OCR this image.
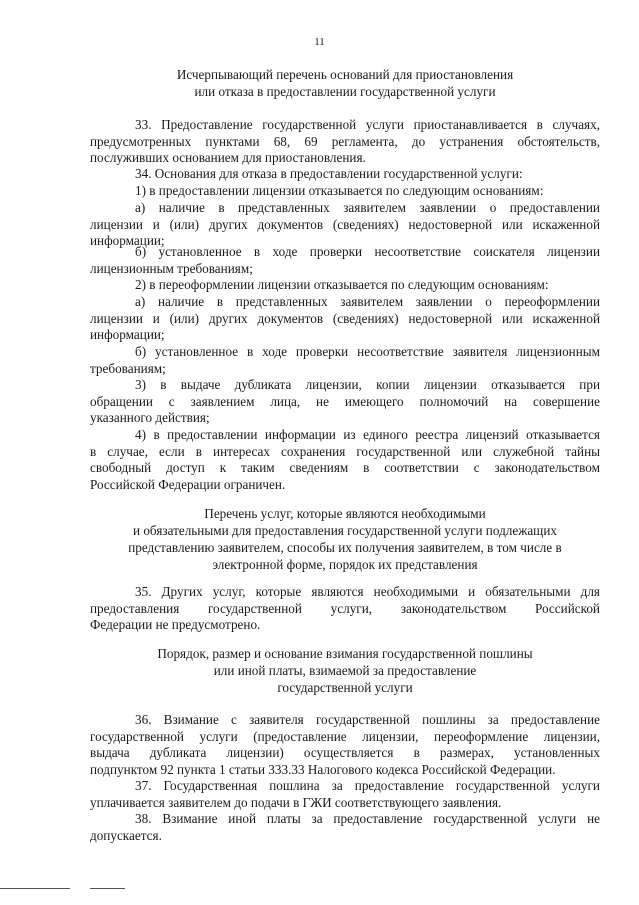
11
Исчерпывающий перечень оснований для приостановления
или отказа в предоставлении государственной услуги
33. Предоставление государственной услуги приостанавливается в случаях,
предусмотренных пунктами 68, 69 регламента, до устранения обстоятельств,
послуживших основанием для приостановления.
34. Основания для отказа в предоставлении государственной услуги:
1) в предоставлении лицензии отказывается по следующим основаниям:
а) наличие в представленных заявителем заявлении о предоставлении
лицензии и (или) других документов (сведениях) недостоверной или искаженной
информации;
б) установленное в ходе проверки несоответствие соискателя лицензии
лицензионным требованиям;
2) в переоформлении лицензии отказывается по следующим основаниям:
а) наличие в представленных заявителем заявлении о переоформлении
лицензии и (или) других документов (сведениях) недостоверной или искаженной
информации;
б) установленное в ходе проверки несоответствие заявителя лицензионным
требованиям;
3) в выдаче дубликата лицензии, копии лицензии отказывается при
обращении с заявлением лица, не имеющего полномочий на совершение
указанного действия;
4) в предоставлении информации из единого реестра лицензий отказывается
в случае, если в интересах сохранения государственной или служебной тайны
свободный доступ к таким сведениям в соответствии с законодательством
Российской Федерации ограничен.
Перечень услуг, которые являются необходимыми
и обязательными для предоставления государственной услуги подлежащих
представлению заявителем, способы их получения заявителем, в том числе в
электронной форме, порядок их представления
35. Других услуг, которые являются необходимыми и обязательными для
предоставления государственной услуги, законодательством Российской
Федерации не предусмотрено.
Порядок, размер и основание взимания государственной пошлины
или иной платы, взимаемой за предоставление
государственной услуги
36. Взимание с заявителя государственной пошлины за предоставление
государственной услуги (предоставление лицензии, переоформление лицензии,
выдача дубликата лицензии) осуществляется в размерах, установленных
подпунктом 92 пункта 1 статьи 333.33 Налогового кодекса Российской Федерации.
37. Государственная пошлина за предоставление государственной услуги
уплачивается заявителем до подачи в ГЖИ соответствующего заявления.
38. Взимание иной платы за предоставление государственной услуги не
допускается.
